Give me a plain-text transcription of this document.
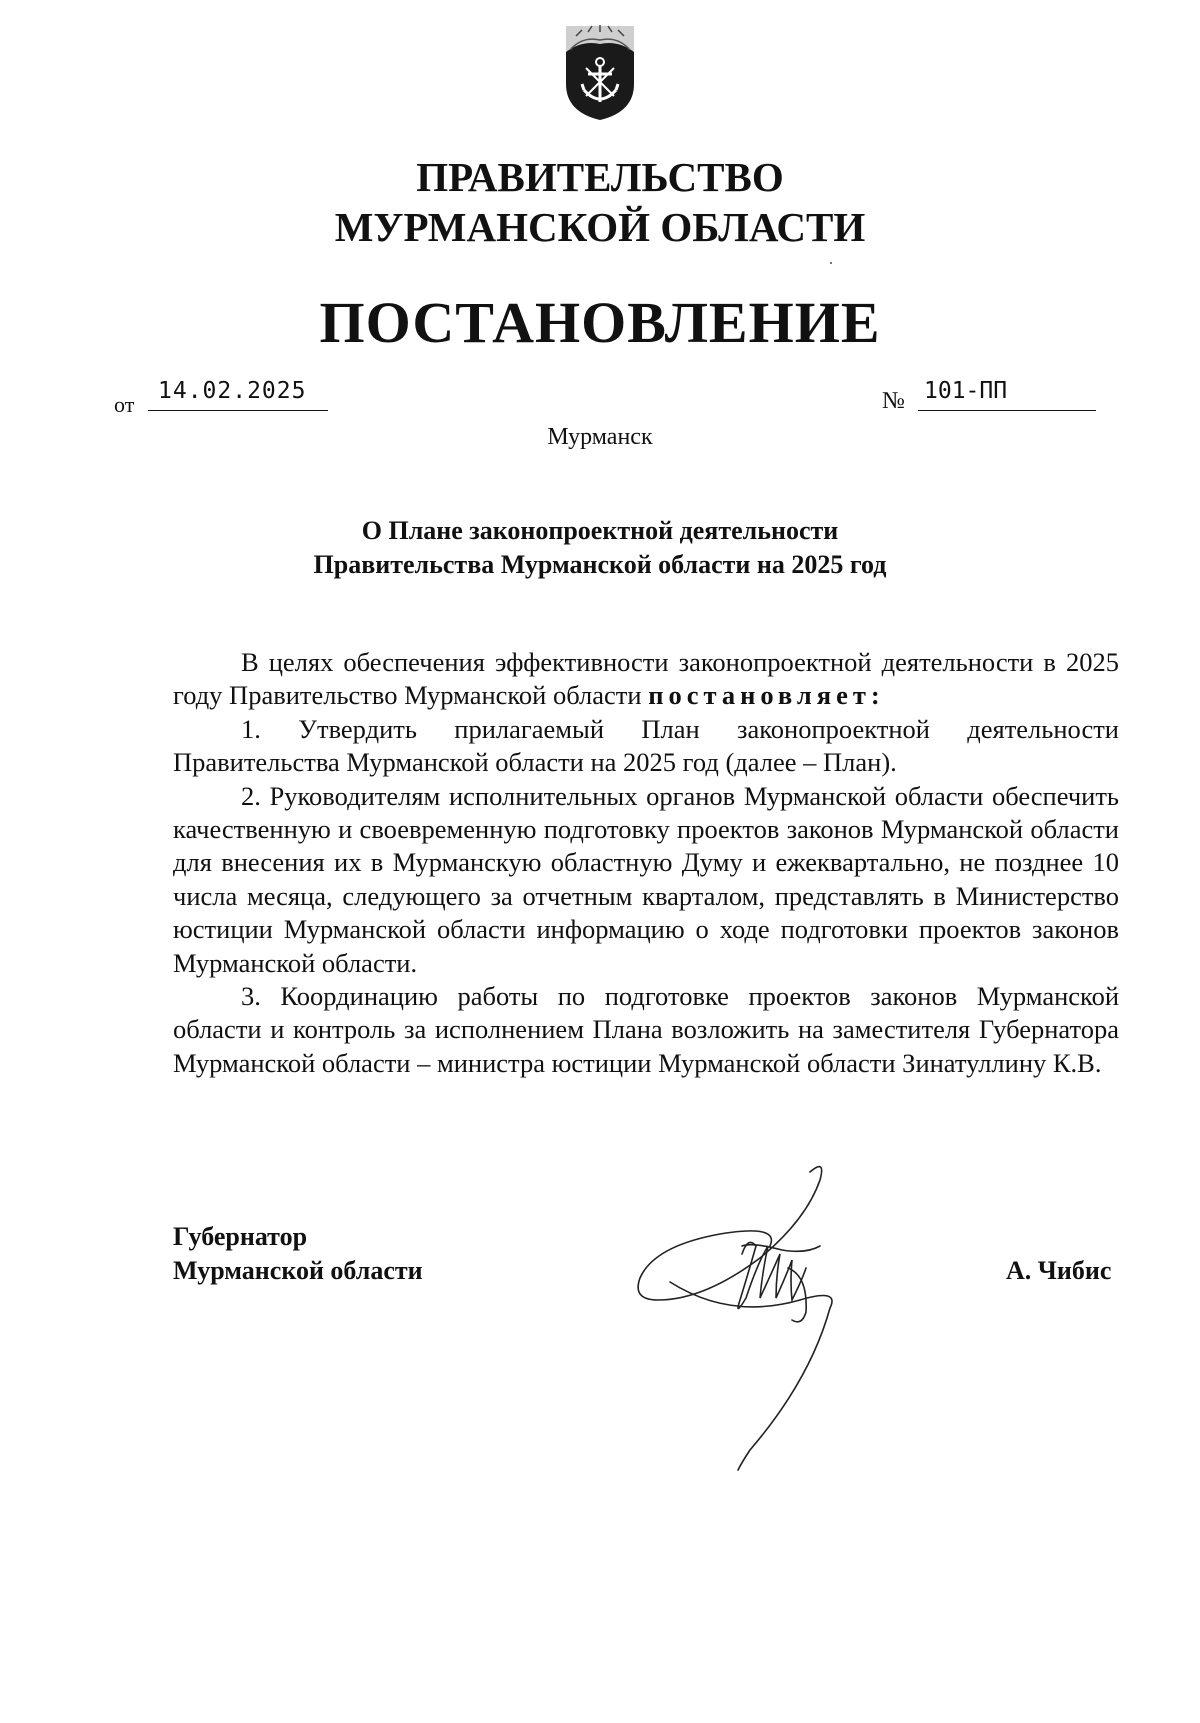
ПРАВИТЕЛЬСТВО
МУРМАНСКОЙ ОБЛАСТИ
ПОСТАНОВЛЕНИЕ
от
14.02.2025	№ 101-ПП
Мурманск
О Плане законопроектной деятельности
Правительства Мурманской области на 2025 год

В целях обеспечения эффективности законопроектной деятельности в 2025 году Правительство Мурманской области постановляет:

1. Утвердить прилагаемый План законопроектной деятельности Правительства Мурманской области на 2025 год (далее – План).

2. Руководителям исполнительных органов Мурманской области обеспечить качественную и своевременную подготовку проектов законов Мурманской области для внесения их в Мурманскую областную Думу и ежеквартально, не позднее 10 числа месяца, следующего за отчетным кварталом, представлять в Министерство юстиции Мурманской области информацию о ходе подготовки проектов законов Мурманской области.

3. Координацию работы по подготовке проектов законов Мурманской области и контроль за исполнением Плана возложить на заместителя Губернатора Мурманской области – министра юстиции Мурманской области Зинатуллину К.В.

Губернатор
Мурманской области	А. Чибис
